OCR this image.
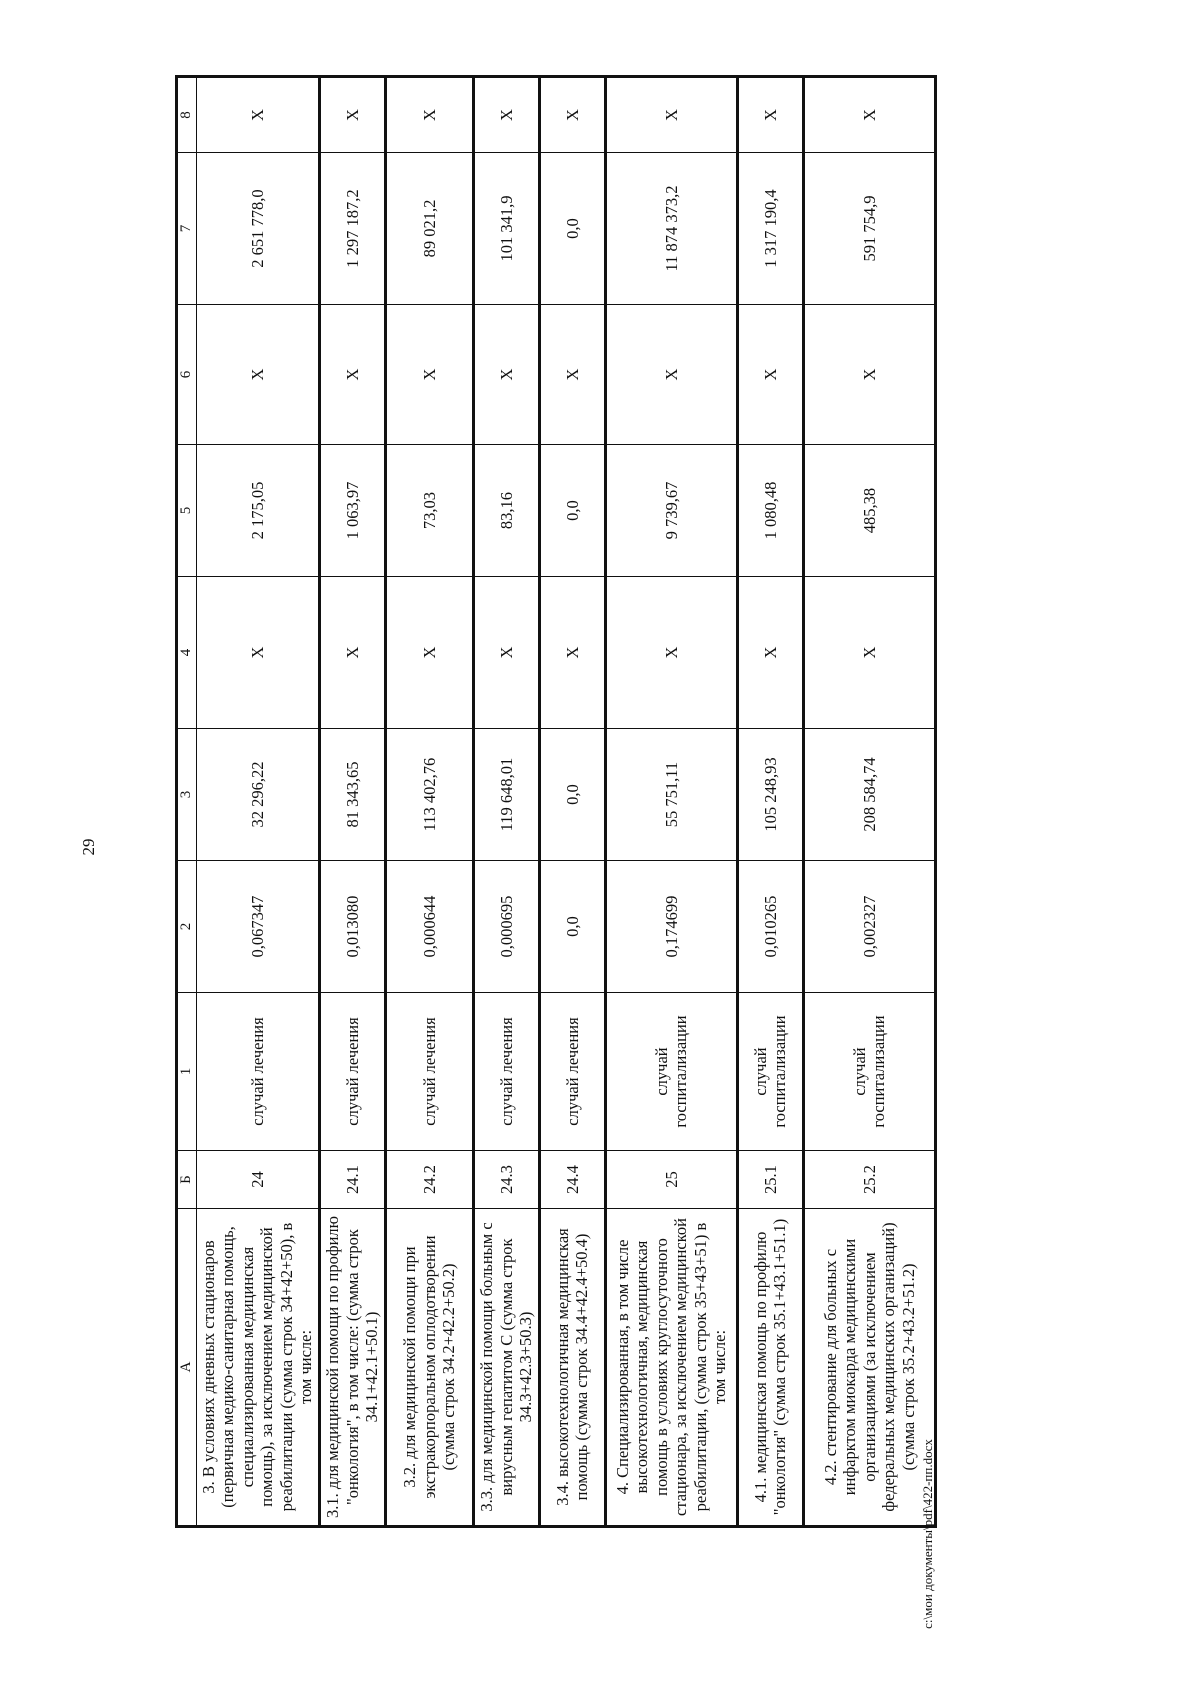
29
А	Б	1	2	3	4	5	6	7	8
3. В условиях дневных стационаров (первичная медико-санитарная помощь, специализированная медицинская помощь), за исключением медицинской реабилитации (сумма строк 34+42+50), в том числе:	24	случай лечения	0,067347	32 296,22	Х	2 175,05	Х	2 651 778,0	Х
3.1. для медицинской помощи по профилю "онкология", в том числе: (сумма строк 34.1+42.1+50.1)	24.1	случай лечения	0,013080	81 343,65	Х	1 063,97	Х	1 297 187,2	Х
3.2. для медицинской помощи при экстракорпоральном оплодотворении (сумма строк 34.2+42.2+50.2)	24.2	случай лечения	0,000644	113 402,76	Х	73,03	Х	89 021,2	Х
3.3. для медицинской помощи больным с вирусным гепатитом С (сумма строк 34.3+42.3+50.3)	24.3	случай лечения	0,000695	119 648,01	Х	83,16	Х	101 341,9	Х
3.4. высокотехнологичная медицинская помощь (сумма строк 34.4+42.4+50.4)	24.4	случай лечения	0,0	0,0	Х	0,0	Х	0,0	Х
4. Специализированная, в том числе высокотехнологичная, медицинская помощь в условиях круглосуточного стационара, за исключением медицинской реабилитации, (сумма строк 35+43+51) в том числе:	25	случай госпитализации	0,174699	55 751,11	Х	9 739,67	Х	11 874 373,2	Х
4.1. медицинская помощь по профилю "онкология" (сумма строк 35.1+43.1+51.1)	25.1	случай госпитализации	0,010265	105 248,93	Х	1 080,48	Х	1 317 190,4	Х
4.2. стентирование для больных с инфарктом миокарда медицинскими организациями (за исключением федеральных медицинских организаций) (сумма строк 35.2+43.2+51.2)	25.2	случай госпитализации	0,002327	208 584,74	Х	485,38	Х	591 754,9	Х
c:\мои документы\pdf\422-пп.docx
